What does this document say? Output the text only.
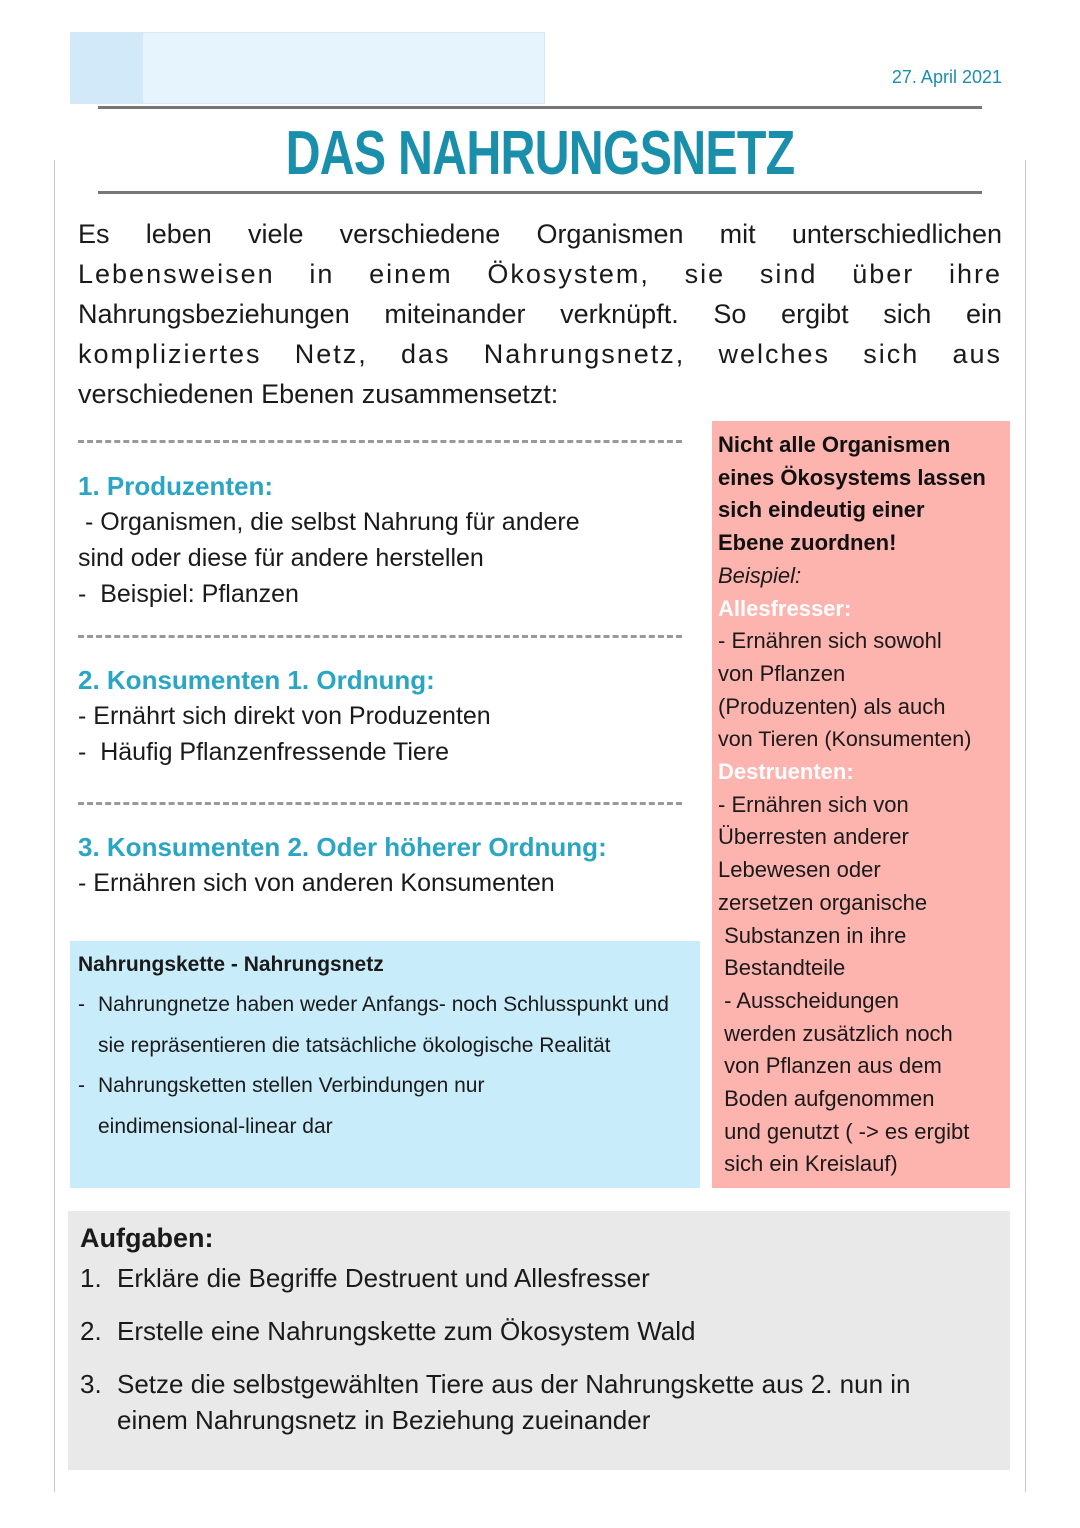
27. April 2021
DAS NAHRUNGSNETZ
Es leben viele verschiedene Organismen mit unterschiedlichen
Lebensweisen in einem Ökosystem, sie sind über ihre
Nahrungsbeziehungen miteinander verknüpft. So ergibt sich ein
kompliziertes Netz, das Nahrungsnetz, welches sich aus
verschiedenen Ebenen zusammensetzt:
1. Produzenten:

- Organismen, die selbst Nahrung für andere

sind oder diese für andere herstellen

-  Beispiel: Pflanzen

2. Konsumenten 1. Ordnung:

- Ernährt sich direkt von Produzenten

-  Häufig Pflanzenfressende Tiere

3. Konsumenten 2. Oder höherer Ordnung:

- Ernähren sich von anderen Konsumenten

Nicht alle Organismen
eines Ökosystems lassen
sich eindeutig einer
Ebene zuordnen!
Beispiel:
Allesfresser:
- Ernähren sich sowohl
von Pflanzen
(Produzenten) als auch
von Tieren (Konsumenten)
Destruenten:
- Ernähren sich von
Überresten anderer
Lebewesen oder
zersetzen organische
Substanzen in ihre
Bestandteile
- Ausscheidungen
werden zusätzlich noch
von Pflanzen aus dem
Boden aufgenommen
und genutzt ( -> es ergibt
sich ein Kreislauf)
Nahrungskette - Nahrungsnetz
- Nahrungnetze haben weder Anfangs- noch Schlusspunkt und sie repräsentieren die tatsächliche ökologische Realität
- Nahrungsketten stellen Verbindungen nur eindimensional-linear dar
Aufgaben:
1. Erkläre die Begriffe Destruent und Allesfresser
2. Erstelle eine Nahrungskette zum Ökosystem Wald
3. Setze die selbstgewählten Tiere aus der Nahrungskette aus 2. nun in einem Nahrungsnetz in Beziehung zueinander
